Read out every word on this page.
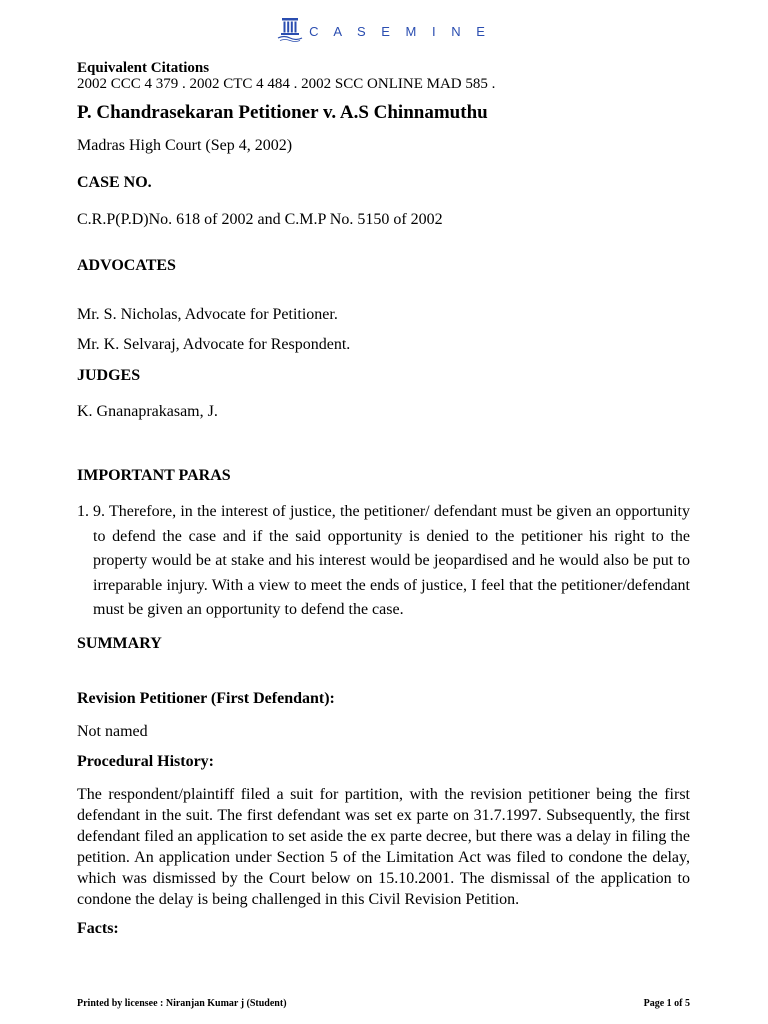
C A S E M I N E
Equivalent Citations
2002 CCC 4 379 . 2002 CTC 4 484 . 2002 SCC ONLINE MAD 585 .
P. Chandrasekaran Petitioner v. A.S Chinnamuthu
Madras High Court (Sep 4, 2002)
CASE NO.
C.R.P(P.D)No. 618 of 2002 and C.M.P No. 5150 of 2002
ADVOCATES
Mr. S. Nicholas, Advocate for Petitioner.
Mr. K. Selvaraj, Advocate for Respondent.
JUDGES
K. Gnanaprakasam, J.
IMPORTANT PARAS
1. 9. Therefore, in the interest of justice, the petitioner/ defendant must be given an opportunity to defend the case and if the said opportunity is denied to the petitioner his right to the property would be at stake and his interest would be jeopardised and he would also be put to irreparable injury. With a view to meet the ends of justice, I feel that the petitioner/defendant must be given an opportunity to defend the case.
SUMMARY
Revision Petitioner (First Defendant):
Not named
Procedural History:
The respondent/plaintiff filed a suit for partition, with the revision petitioner being the first defendant in the suit. The first defendant was set ex parte on 31.7.1997. Subsequently, the first defendant filed an application to set aside the ex parte decree, but there was a delay in filing the petition. An application under Section 5 of the Limitation Act was filed to condone the delay, which was dismissed by the Court below on 15.10.2001. The dismissal of the application to condone the delay is being challenged in this Civil Revision Petition.
Facts:
Printed by licensee : Niranjan Kumar j (Student)	Page 1 of 5
